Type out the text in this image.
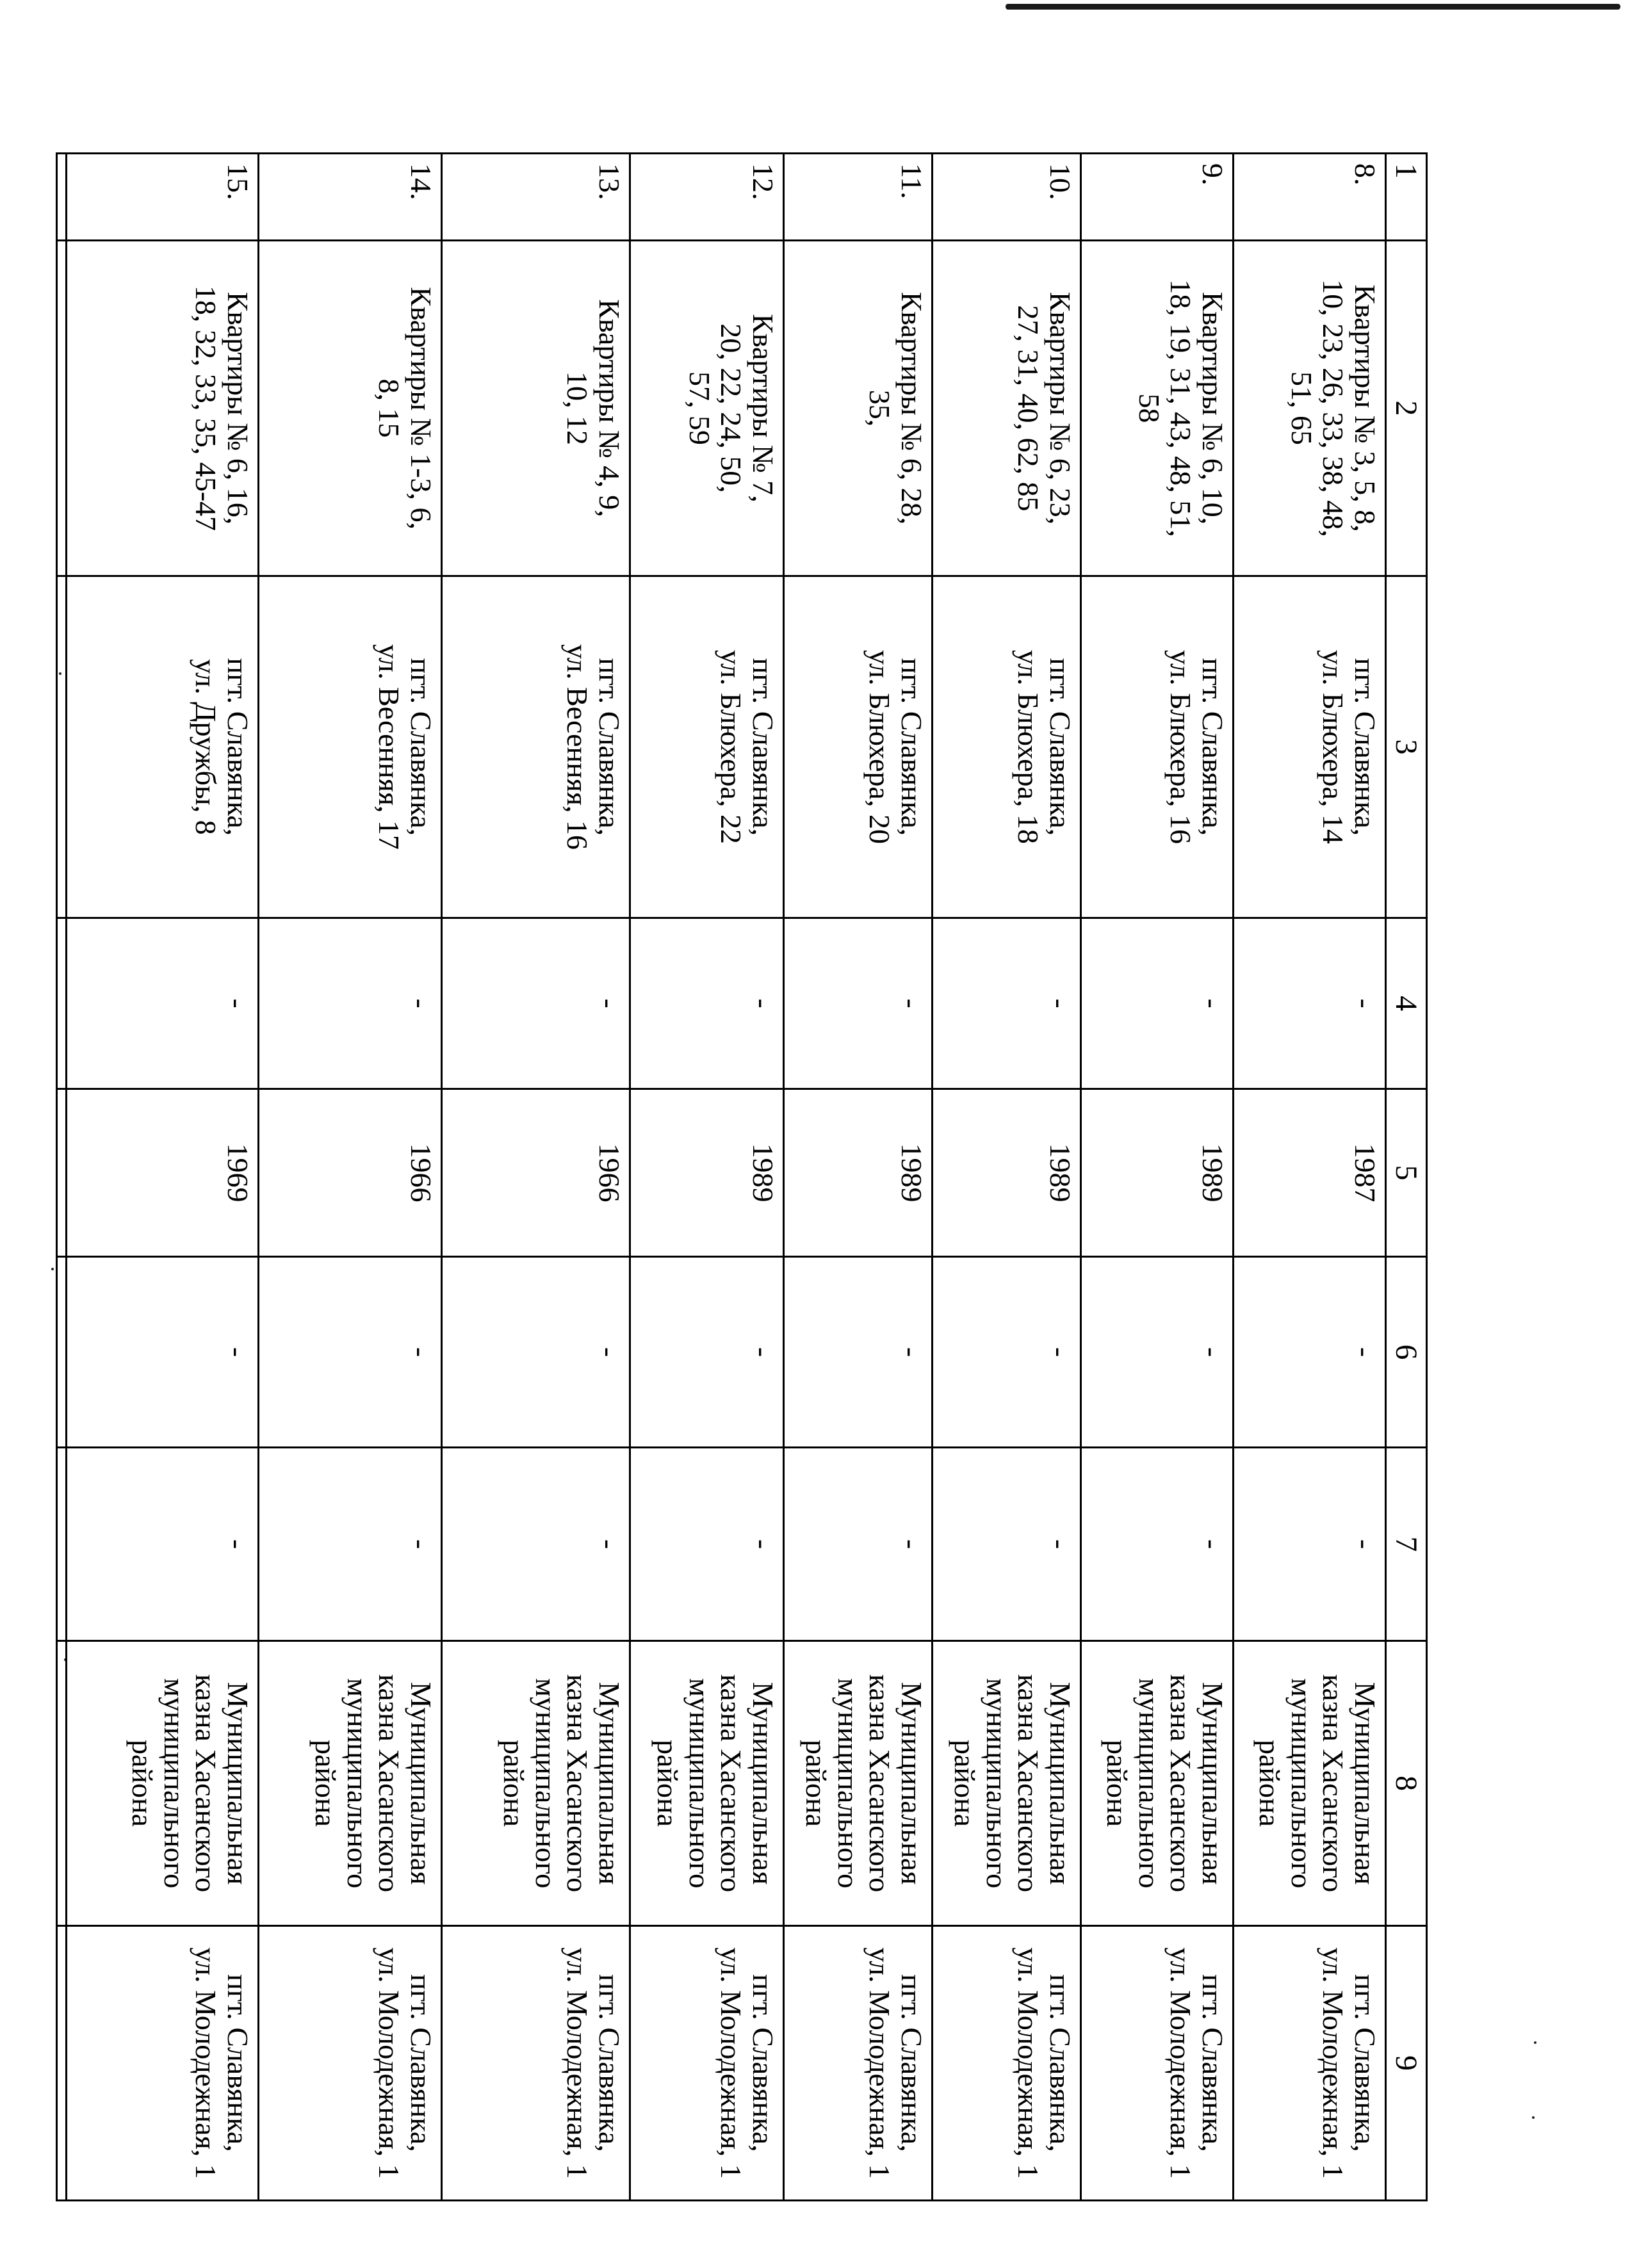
1	2	3	4	5	6	7	8	9
8.	Квартиры № 3, 5, 8,
10, 23, 26, 33, 38, 48,
51, 65	пгт. Славянка,
ул. Блюхера, 14	-	1987	-	-	Муниципальная
казна Хасанского
муниципального
района	пгт. Славянка,
ул. Молодежная, 1
9.	Квартиры № 6, 10,
18, 19, 31, 43, 48, 51,
58	пгт. Славянка,
ул. Блюхера, 16	-	1989	-	-	Муниципальная
казна Хасанского
муниципального
района	пгт. Славянка,
ул. Молодежная, 1
10.	Квартиры № 6, 23,
27, 31, 40, 62, 85	пгт. Славянка,
ул. Блюхера, 18	-	1989	-	-	Муниципальная
казна Хасанского
муниципального
района	пгт. Славянка,
ул. Молодежная, 1
11.	Квартиры № 6, 28,
35,	пгт. Славянка,
ул. Блюхера, 20	-	1989	-	-	Муниципальная
казна Хасанского
муниципального
района	пгт. Славянка,
ул. Молодежная, 1
12.	Квартиры № 7,
20, 22, 24, 50,
57, 59	пгт. Славянка,
ул. Блюхера, 22	-	1989	-	-	Муниципальная
казна Хасанского
муниципального
района	пгт. Славянка,
ул. Молодежная, 1
13.	Квартиры № 4, 9,
10, 12	пгт. Славянка,
ул. Весенняя, 16	-	1966	-	-	Муниципальная
казна Хасанского
муниципального
района	пгт. Славянка,
ул. Молодежная, 1
14.	Квартиры № 1-3, 6,
8, 15	пгт. Славянка,
ул. Весенняя, 17	-	1966	-	-	Муниципальная
казна Хасанского
муниципального
района	пгт. Славянка,
ул. Молодежная, 1
15.	Квартиры № 6, 16,
18, 32, 33, 35, 45-47	пгт. Славянка,
ул. Дружбы, 8	-	1969	-	-	Муниципальная
казна Хасанского
муниципального
района	пгт. Славянка,
ул. Молодежная, 1
